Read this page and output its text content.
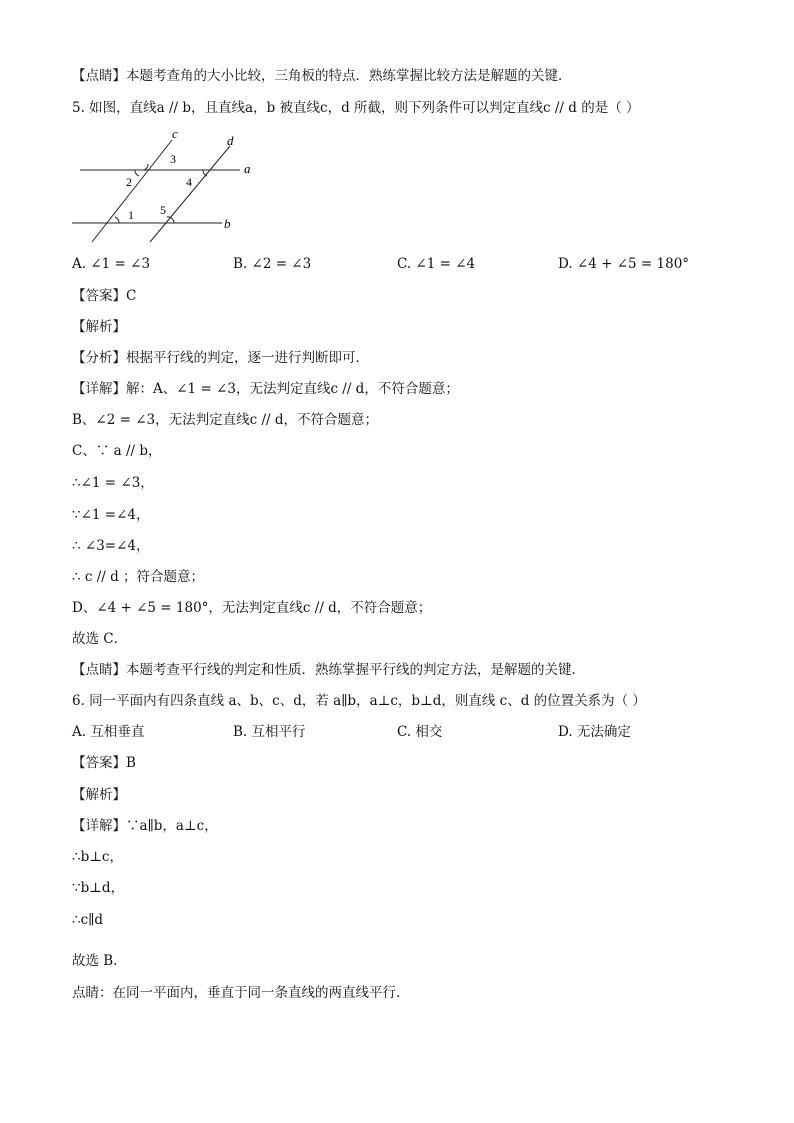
【点睛】本题考查角的大小比较，三角板的特点．熟练掌握比较方法是解题的关键．
5. 如图，直线a // b，且直线a，b 被直线c，d 所截，则下列条件可以判定直线c // d 的是（ ）
c	d
a
b
3
2	4
1 5
A. ∠1 = ∠3	B. ∠2 = ∠3	C. ∠1 = ∠4	D. ∠4 + ∠5 = 180°
【答案】C
【解析】
【分析】根据平行线的判定，逐一进行判断即可．
【详解】解：A、∠1 = ∠3，无法判定直线c // d，不符合题意；
B、∠2 = ∠3，无法判定直线c // d，不符合题意；
C、∵ a // b，
∴∠1 = ∠3，
∵∠1 =∠4，
∴ ∠3=∠4，
∴ c // d ；符合题意；
D、∠4 + ∠5 = 180°，无法判定直线c // d，不符合题意；
故选 C．
【点睛】本题考查平行线的判定和性质．熟练掌握平行线的判定方法，是解题的关键．
6. 同一平面内有四条直线 a、b、c、d，若 a∥b，a⊥c，b⊥d，则直线 c、d 的位置关系为（ ）
A. 互相垂直	B. 互相平行	C. 相交	D. 无法确定
【答案】B
【解析】
【详解】∵a∥b，a⊥c，
∴b⊥c，
∵b⊥d，
∴c∥d
故选 B.
点睛：在同一平面内，垂直于同一条直线的两直线平行.
